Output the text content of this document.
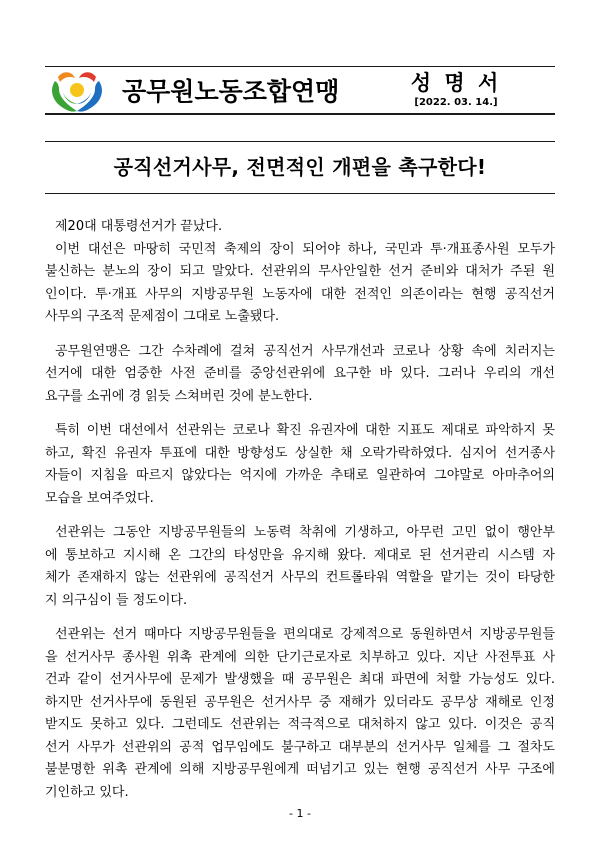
공무원노동조합연맹	성 명 서
[2022. 03. 14.]
공직선거사무, 전면적인 개편을 촉구한다!

제20대 대통령선거가 끝났다.

이번 대선은 마땅히 국민적 축제의 장이 되어야 하나, 국민과 투·개표종사원 모두가
불신하는 분노의 장이 되고 말았다. 선관위의 무사안일한 선거 준비와 대처가 주된 원
인이다. 투·개표 사무의 지방공무원 노동자에 대한 전적인 의존이라는 현행 공직선거
사무의 구조적 문제점이 그대로 노출됐다.

공무원연맹은 그간 수차례에 걸쳐 공직선거 사무개선과 코로나 상황 속에 치러지는
선거에 대한 엄중한 사전 준비를 중앙선관위에 요구한 바 있다. 그러나 우리의 개선
요구를 소귀에 경 읽듯 스쳐버린 것에 분노한다.

특히 이번 대선에서 선관위는 코로나 확진 유권자에 대한 지표도 제대로 파악하지 못
하고, 확진 유권자 투표에 대한 방향성도 상실한 채 오락가락하였다. 심지어 선거종사
자들이 지침을 따르지 않았다는 억지에 가까운 추태로 일관하여 그야말로 아마추어의
모습을 보여주었다.

선관위는 그동안 지방공무원들의 노동력 착취에 기생하고, 아무런 고민 없이 행안부
에 통보하고 지시해 온 그간의 타성만을 유지해 왔다. 제대로 된 선거관리 시스템 자
체가 존재하지 않는 선관위에 공직선거 사무의 컨트롤타워 역할을 맡기는 것이 타당한
지 의구심이 들 정도이다.

선관위는 선거 때마다 지방공무원들을 편의대로 강제적으로 동원하면서 지방공무원들
을 선거사무 종사원 위촉 관계에 의한 단기근로자로 치부하고 있다. 지난 사전투표 사
건과 같이 선거사무에 문제가 발생했을 때 공무원은 최대 파면에 처할 가능성도 있다.
하지만 선거사무에 동원된 공무원은 선거사무 중 재해가 있더라도 공무상 재해로 인정
받지도 못하고 있다. 그런데도 선관위는 적극적으로 대처하지 않고 있다. 이것은 공직
선거 사무가 선관위의 공적 업무임에도 불구하고 대부분의 선거사무 일체를 그 절차도
불분명한 위촉 관계에 의해 지방공무원에게 떠넘기고 있는 현행 공직선거 사무 구조에
기인하고 있다.

- 1 -
